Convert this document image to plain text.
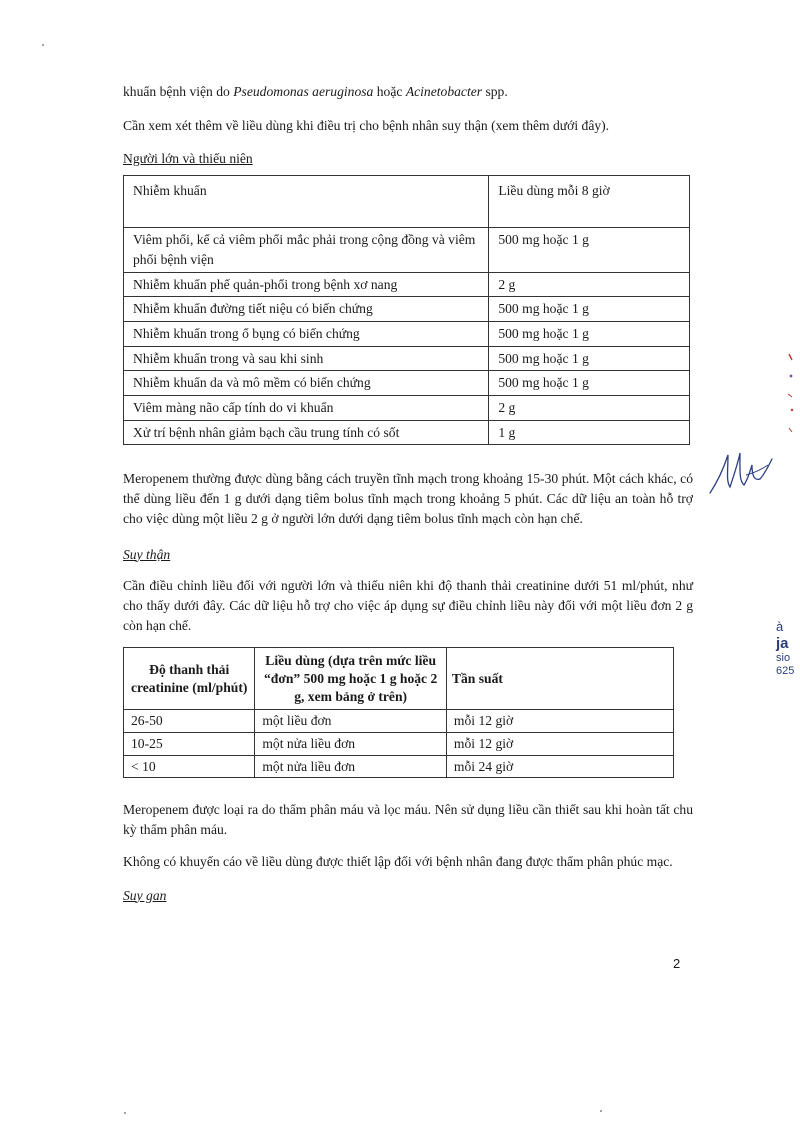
khuẩn bệnh viện do Pseudomonas aeruginosa hoặc Acinetobacter spp.

Cần xem xét thêm về liều dùng khi điều trị cho bệnh nhân suy thận (xem thêm dưới đây).

Người lớn và thiếu niên

Nhiễm khuẩn	Liều dùng mỗi 8 giờ
Viêm phổi, kể cả viêm phổi mắc phải trong cộng đồng và viêm phổi bệnh viện	500 mg hoặc 1 g
Nhiễm khuẩn phế quản-phổi trong bệnh xơ nang	2 g
Nhiễm khuẩn đường tiết niệu có biến chứng	500 mg hoặc 1 g
Nhiễm khuẩn trong ổ bụng có biến chứng	500 mg hoặc 1 g
Nhiễm khuẩn trong và sau khi sinh	500 mg hoặc 1 g
Nhiễm khuẩn da và mô mềm có biến chứng	500 mg hoặc 1 g
Viêm màng não cấp tính do vi khuẩn	2 g
Xử trí bệnh nhân giảm bạch cầu trung tính có sốt	1 g

Meropenem thường được dùng bằng cách truyền tĩnh mạch trong khoảng 15-30 phút. Một cách khác, có thể dùng liều đến 1 g dưới dạng tiêm bolus tĩnh mạch trong khoảng 5 phút. Các dữ liệu an toàn hỗ trợ cho việc dùng một liều 2 g ở người lớn dưới dạng tiêm bolus tĩnh mạch còn hạn chế.

Suy thận

Cần điều chỉnh liều đối với người lớn và thiếu niên khi độ thanh thải creatinine dưới 51 ml/phút, như cho thấy dưới đây. Các dữ liệu hỗ trợ cho việc áp dụng sự điều chỉnh liều này đối với một liều đơn 2 g còn hạn chế.

Độ thanh thải creatinine (ml/phút)	Liều dùng (dựa trên mức liều “đơn” 500 mg hoặc 1 g hoặc 2 g, xem bảng ở trên)	Tần suất
26-50	một liều đơn	mỗi 12 giờ
10-25	một nửa liều đơn	mỗi 12 giờ
< 10	một nửa liều đơn	mỗi 24 giờ

Meropenem được loại ra do thẩm phân máu và lọc máu. Nên sử dụng liều cần thiết sau khi hoàn tất chu kỳ thẩm phân máu.

Không có khuyến cáo về liều dùng được thiết lập đối với bệnh nhân đang được thẩm phân phúc mạc.

Suy gan

à
ja
sio
625
2
